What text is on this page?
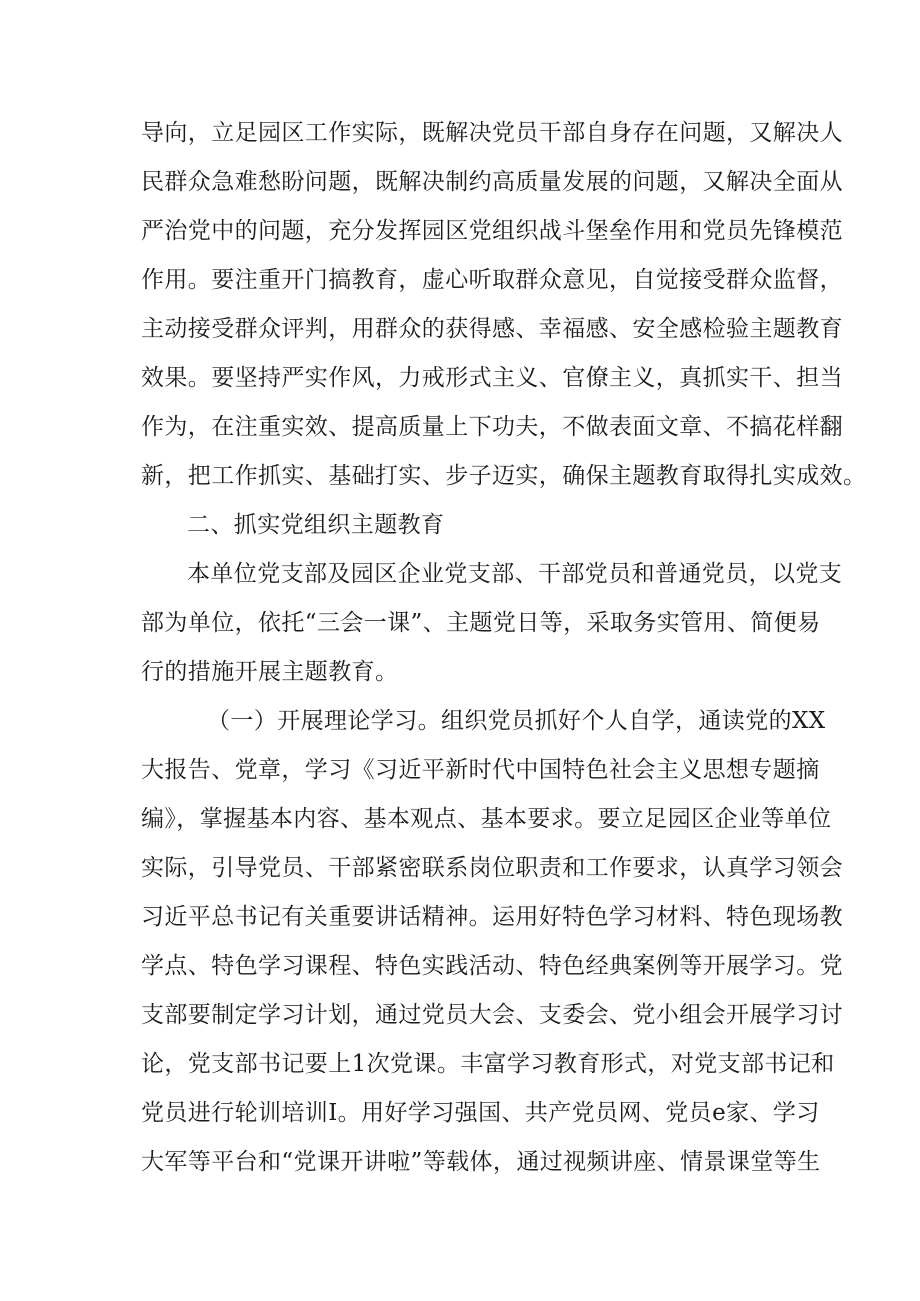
导向，立足园区工作实际，既解决党员干部自身存在问题，又解决人
民群众急难愁盼问题，既解决制约高质量发展的问题，又解决全面从
严治党中的问题，充分发挥园区党组织战斗堡垒作用和党员先锋模范
作用。要注重开门搞教育，虚心听取群众意见，自觉接受群众监督，
主动接受群众评判，用群众的获得感、幸福感、安全感检验主题教育
效果。要坚持严实作风，力戒形式主义、官僚主义，真抓实干、担当
作为，在注重实效、提高质量上下功夫，不做表面文章、不搞花样翻
新，把工作抓实、基础打实、步子迈实，确保主题教育取得扎实成效。
二、抓实党组织主题教育
本单位党支部及园区企业党支部、干部党员和普通党员，以党支
部为单位，依托“三会一课”、主题党日等，采取务实管用、简便易
行的措施开展主题教育。
（一）开展理论学习。组织党员抓好个人自学，通读党的XX
大报告、党章，学习《习近平新时代中国特色社会主义思想专题摘
编》，掌握基本内容、基本观点、基本要求。要立足园区企业等单位
实际，引导党员、干部紧密联系岗位职责和工作要求，认真学习领会
习近平总书记有关重要讲话精神。运用好特色学习材料、特色现场教
学点、特色学习课程、特色实践活动、特色经典案例等开展学习。党
支部要制定学习计划，通过党员大会、支委会、党小组会开展学习讨
论，党支部书记要上1次党课。丰富学习教育形式，对党支部书记和
党员进行轮训培训I。用好学习强国、共产党员网、党员e家、学习
大军等平台和“党课开讲啦”等载体，通过视频讲座、情景课堂等生
